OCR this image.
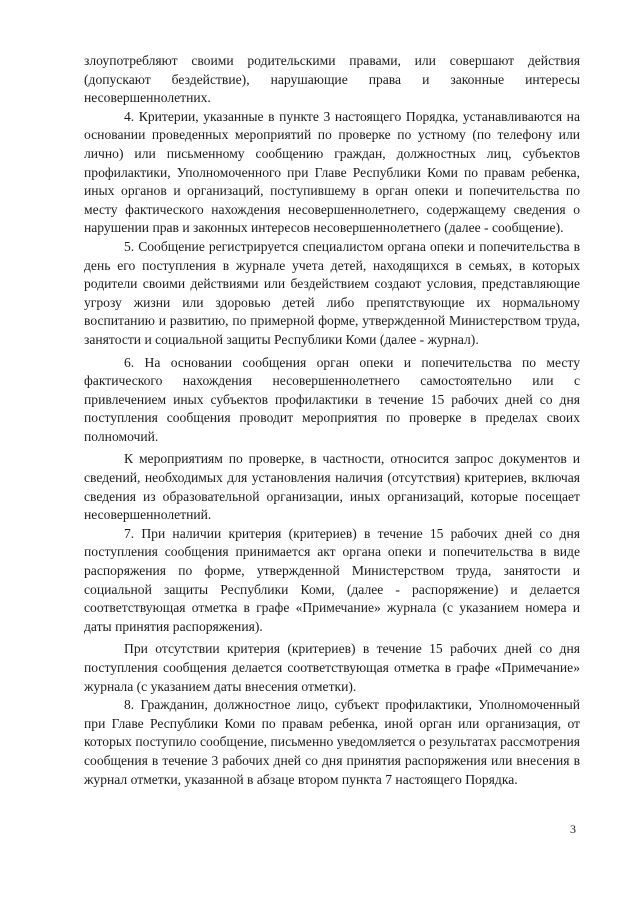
злоупотребляют своими родительскими правами, или совершают действия (допускают бездействие), нарушающие права и законные интересы несовершеннолетних.

4. Критерии, указанные в пункте 3 настоящего Порядка, устанавливаются на основании проведенных мероприятий по проверке по устному (по телефону или лично) или письменному сообщению граждан, должностных лиц, субъектов профилактики, Уполномоченного при Главе Республики Коми по правам ребенка, иных органов и организаций, поступившему в орган опеки и попечительства по месту фактического нахождения несовершеннолетнего, содержащему сведения о нарушении прав и законных интересов несовершеннолетнего (далее - сообщение).

5. Сообщение регистрируется специалистом органа опеки и попечительства в день его поступления в журнале учета детей, находящихся в семьях, в которых родители своими действиями или бездействием создают условия, представляющие угрозу жизни или здоровью детей либо препятствующие их нормальному воспитанию и развитию, по примерной форме, утвержденной Министерством труда, занятости и социальной защиты Республики Коми (далее - журнал).

6. На основании сообщения орган опеки и попечительства по месту фактического нахождения несовершеннолетнего самостоятельно или с привлечением иных субъектов профилактики в течение 15 рабочих дней со дня поступления сообщения проводит мероприятия по проверке в пределах своих полномочий.

К мероприятиям по проверке, в частности, относится запрос документов и сведений, необходимых для установления наличия (отсутствия) критериев, включая сведения из образовательной организации, иных организаций, которые посещает несовершеннолетний.

7. При наличии критерия (критериев) в течение 15 рабочих дней со дня поступления сообщения принимается акт органа опеки и попечительства в виде распоряжения по форме, утвержденной Министерством труда, занятости и социальной защиты Республики Коми, (далее - распоряжение) и делается соответствующая отметка в графе «Примечание» журнала (с указанием номера и даты принятия распоряжения).

При отсутствии критерия (критериев) в течение 15 рабочих дней со дня поступления сообщения делается соответствующая отметка в графе «Примечание» журнала (с указанием даты внесения отметки).

8. Гражданин, должностное лицо, субъект профилактики, Уполномоченный при Главе Республики Коми по правам ребенка, иной орган или организация, от которых поступило сообщение, письменно уведомляется о результатах рассмотрения сообщения в течение 3 рабочих дней со дня принятия распоряжения или внесения в журнал отметки, указанной в абзаце втором пункта 7 настоящего Порядка.

3
